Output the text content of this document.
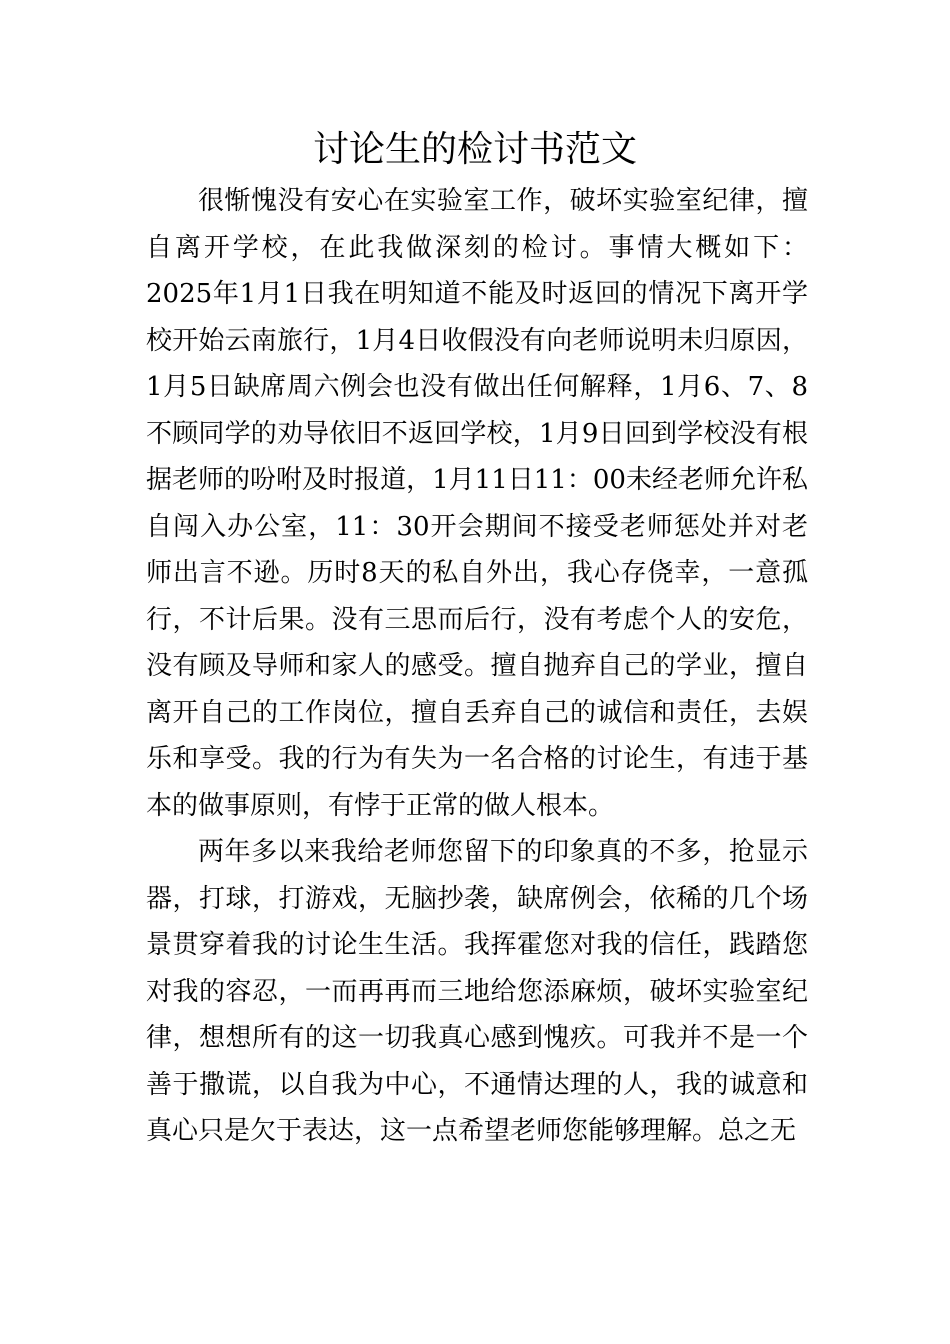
讨论生的检讨书范文

很惭愧没有安心在实验室工作，破坏实验室纪律，擅自离开学校，在此我做深刻的检讨。事情大概如下：2025年1月1日我在明知道不能及时返回的情况下离开学校开始云南旅行，1月4日收假没有向老师说明未归原因，1月5日缺席周六例会也没有做出任何解释，1月6、7、8不顾同学的劝导依旧不返回学校，1月9日回到学校没有根据老师的吩咐及时报道，1月11日11：00未经老师允许私自闯入办公室，11：30开会期间不接受老师惩处并对老师出言不逊。历时8天的私自外出，我心存侥幸，一意孤行，不计后果。没有三思而后行，没有考虑个人的安危，没有顾及导师和家人的感受。擅自抛弃自己的学业，擅自离开自己的工作岗位，擅自丢弃自己的诚信和责任，去娱乐和享受。我的行为有失为一名合格的讨论生，有违于基本的做事原则，有悖于正常的做人根本。

两年多以来我给老师您留下的印象真的不多，抢显示器，打球，打游戏，无脑抄袭，缺席例会，依稀的几个场景贯穿着我的讨论生生活。我挥霍您对我的信任，践踏您对我的容忍，一而再再而三地给您添麻烦，破坏实验室纪律，想想所有的这一切我真心感到愧疚。可我并不是一个善于撒谎，以自我为中心，不通情达理的人，我的诚意和真心只是欠于表达，这一点希望老师您能够理解。总之无
